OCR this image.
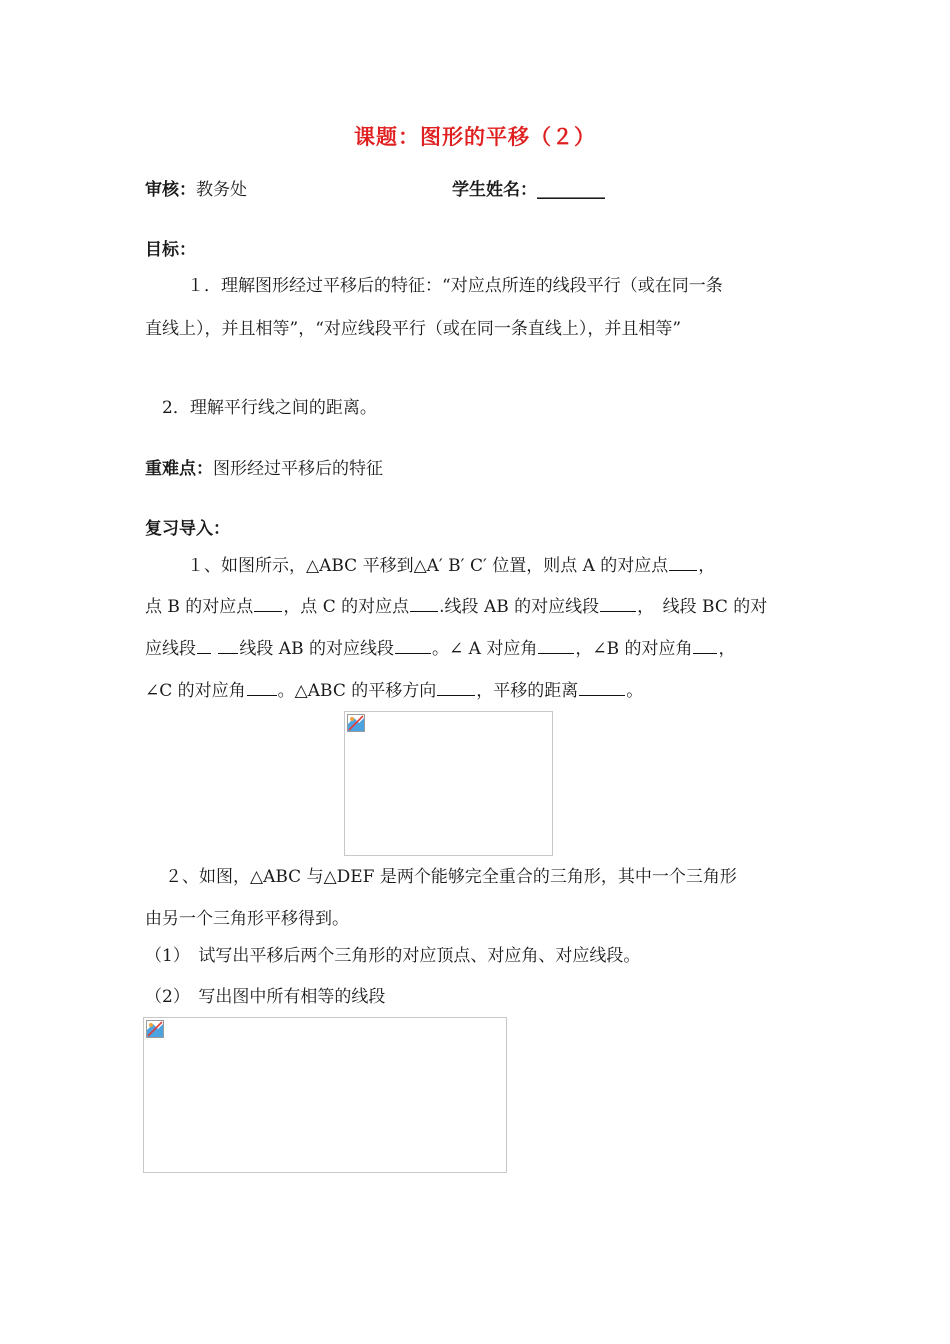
课题：图形的平移（２）
审核：教务处	学生姓名：________
目标：
１．理解图形经过平移后的特征：“对应点所连的线段平行（或在同一条
直线上），并且相等”，“对应线段平行（或在同一条直线上），并且相等”
2．理解平行线之间的距离。
重难点：图形经过平移后的特征
复习导入：
１、如图所示，△ABC 平移到△A′ B′ C′ 位置，则点 A 的对应点 ，
点 B 的对应点 ，点 C 的对应点 .线段 AB 的对应线段 ，　线段 BC 的对
应线段	线段 AB 的对应线段 。∠ A 对应角 ，∠B 的对应角 ，
∠C 的对应角 。△ABC 的平移方向 ，平移的距离	。
２、如图，△ABC 与△DEF 是两个能够完全重合的三角形，其中一个三角形
由另一个三角形平移得到。
（1）　试写出平移后两个三角形的对应顶点、对应角、对应线段。
（2）　写出图中所有相等的线段
